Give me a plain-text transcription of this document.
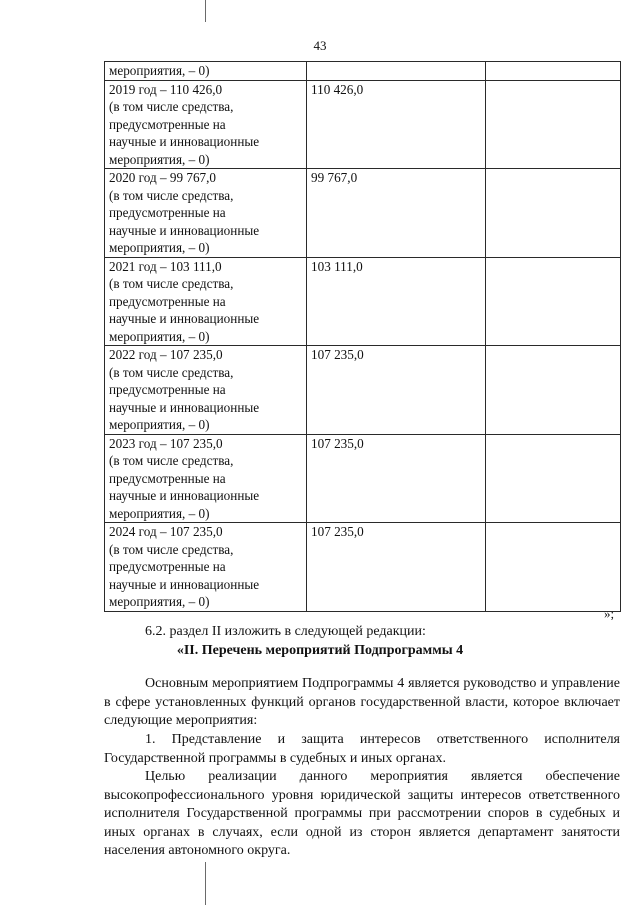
43
мероприятия, – 0)		

2019 год – 110 426,0
(в том числе средства,
предусмотренные на
научные и инновационные
мероприятия, – 0)	110 426,0	

2020 год – 99 767,0
(в том числе средства,
предусмотренные на
научные и инновационные
мероприятия, – 0)	99 767,0	

2021 год – 103 111,0
(в том числе средства,
предусмотренные на
научные и инновационные
мероприятия, – 0)	103 111,0	

2022 год – 107 235,0
(в том числе средства,
предусмотренные на
научные и инновационные
мероприятия, – 0)	107 235,0	

2023 год – 107 235,0
(в том числе средства,
предусмотренные на
научные и инновационные
мероприятия, – 0)	107 235,0	

2024 год – 107 235,0
(в том числе средства,
предусмотренные на
научные и инновационные
мероприятия, – 0)	107 235,0	
»;
6.2. раздел II изложить в следующей редакции:
«II. Перечень мероприятий Подпрограммы 4

Основным мероприятием Подпрограммы 4 является руководство и управление в сфере установленных функций органов государственной власти, которое включает следующие мероприятия:

1. Представление и защита интересов ответственного исполнителя Государственной программы в судебных и иных органах.

Целью реализации данного мероприятия является обеспечение высокопрофессионального уровня юридической защиты интересов ответственного исполнителя Государственной программы при рассмотрении споров в судебных и иных органах в случаях, если одной из сторон является департамент занятости населения автономного округа.
